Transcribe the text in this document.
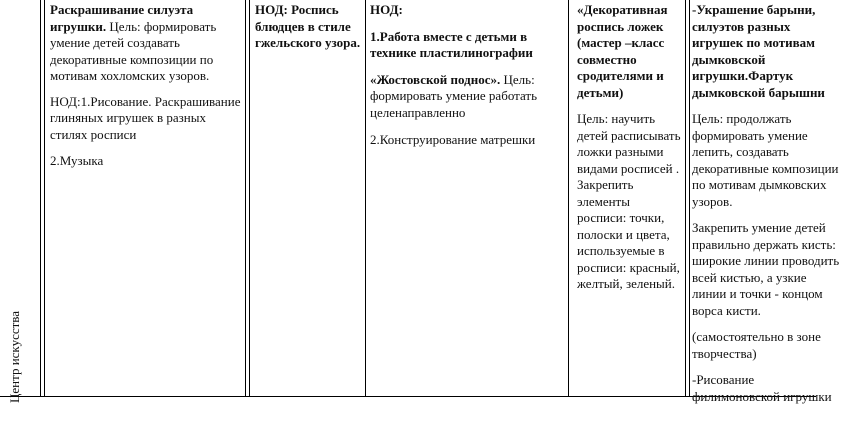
Центр искусства

Раскрашивание силуэта игрушки. Цель: формировать умение детей создавать декоративные композиции по мотивам хохломских узоров.

НОД:1.Рисование. Раскрашивание глиняных игрушек в разных стилях росписи

2.Музыка

НОД: Роспись блюдцев в стиле гжельского узора.

НОД:

1.Работа вместе с детьми в технике пластилинографии

«Жостовской поднос». Цель: формировать умение работать целенаправленно

2.Конструирование матрешки

«Декоративная роспись ложек (мастер –класс совместно сродителями и детьми)

Цель: научить детей расписывать ложки разными видами росписей . Закрепить элементы росписи: точки, полоски и цвета, используемые в росписи: красный, желтый, зеленый.

-Украшение барыни, силуэтов разных игрушек по мотивам дымковской игрушки.Фартук дымковской барышни

Цель: продолжать формировать умение лепить, создавать декоративные композиции по мотивам дымковских узоров.

Закрепить умение детей правильно держать кисть: широкие линии проводить всей кистью, а узкие линии и точки - концом ворса кисти.

(самостоятельно в зоне творчества)

-Рисование филимоновской игрушки
